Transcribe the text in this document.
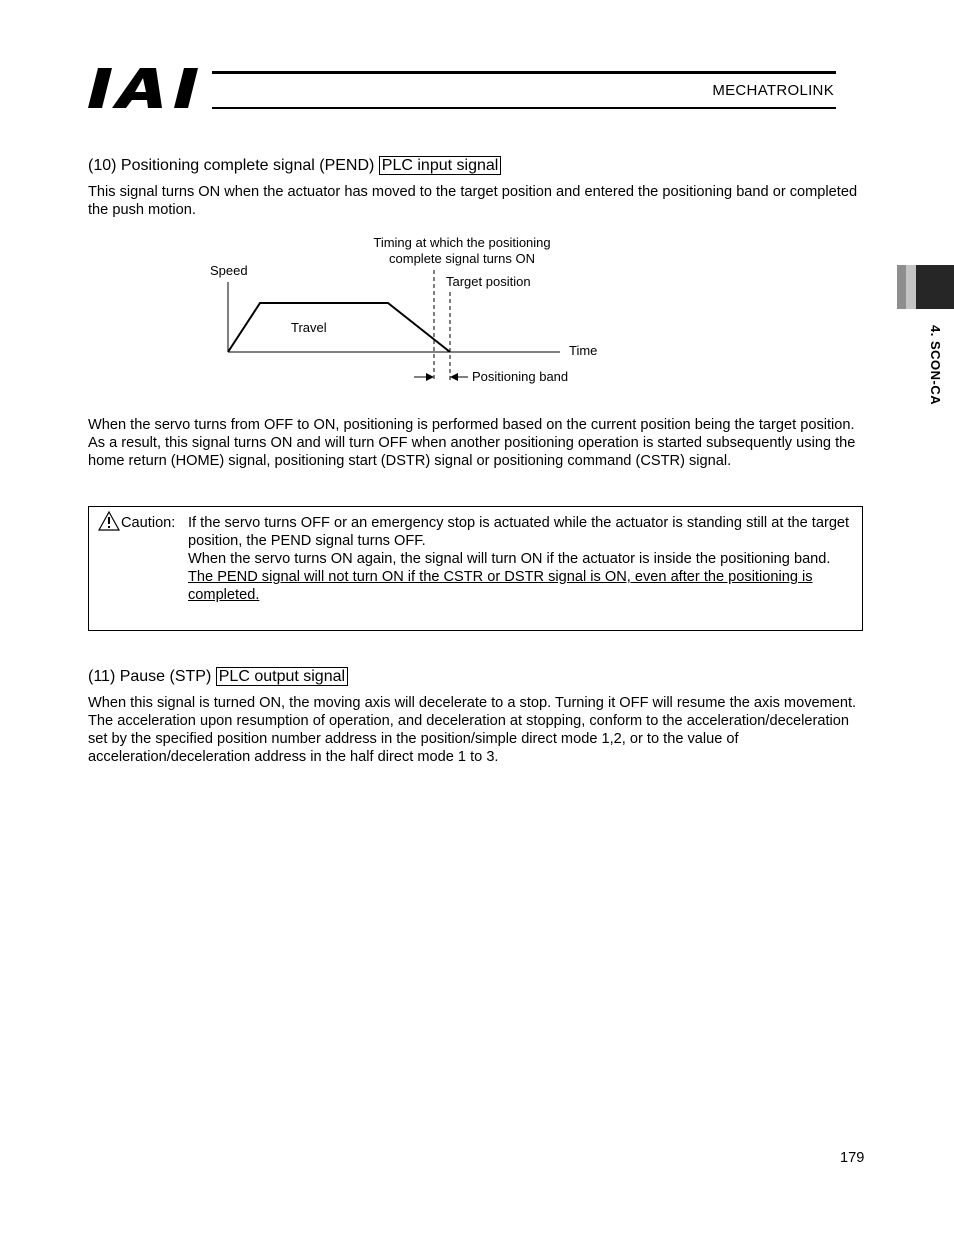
MECHATROLINK
4. SCON-CA
(10) Positioning complete signal (PEND) PLC input signal
This signal turns ON when the actuator has moved to the target position and entered the positioning band or completed the push motion.
Timing at which the positioning
complete signal turns ON
Speed
Target position
Travel
Time
Positioning band
When the servo turns from OFF to ON, positioning is performed based on the current position being the target position. As a result, this signal turns ON and will turn OFF when another positioning operation is started subsequently using the home return (HOME) signal, positioning start (DSTR) signal or positioning command (CSTR) signal.
Caution: If the servo turns OFF or an emergency stop is actuated while the actuator is standing still at the target position, the PEND signal turns OFF.
When the servo turns ON again, the signal will turn ON if the actuator is inside the positioning band.
The PEND signal will not turn ON if the CSTR or DSTR signal is ON, even after the positioning is completed.
(11) Pause (STP) PLC output signal
When this signal is turned ON, the moving axis will decelerate to a stop. Turning it OFF will resume the axis movement.
The acceleration upon resumption of operation, and deceleration at stopping, conform to the acceleration/deceleration set by the specified position number address in the position/simple direct mode 1,2, or to the value of acceleration/deceleration address in the half direct mode 1 to 3.
179
